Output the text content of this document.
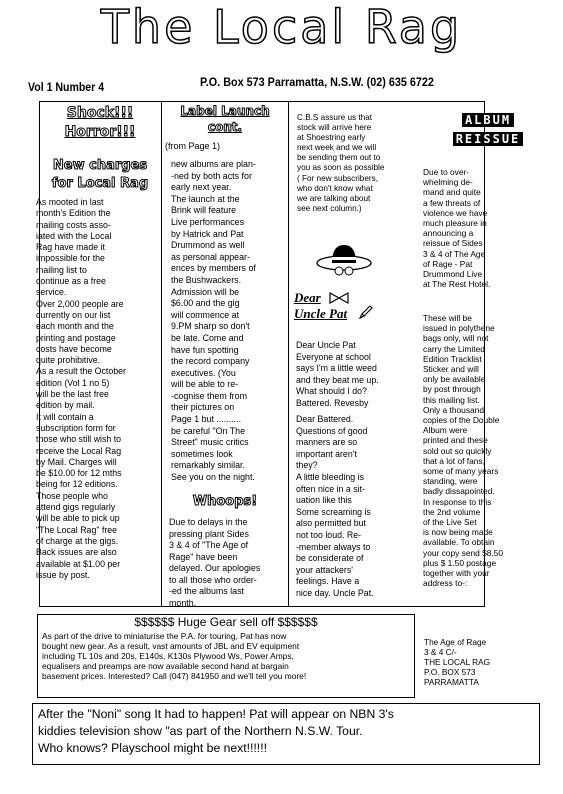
The Local Rag
Vol 1 Number 4	P.O. Box 573 Parramatta, N.S.W. (02) 635 6722
Shock!!!
Horror!!!
New charges
for Local Rag
As mooted in last
month's Edition the
mailing costs asso-
iated with the Local
Rag have made it
impossible for the
mailing list to
continue as a free
service.
Over 2,000 people are
currently on our list
each month and the
printing and postage
costs have become
quite prohibitive.
As a result the October
edition (Vol 1 no 5)
will be the last free
edition by mail.
It will contain a
subscription form for
those who still wish to
receive the Local Rag
by Mail. Charges will
be $10.00 for 12 mths
being for 12 editions.
Those people who
attend gigs regularly
will be able to pick up
"The Local Rag" free
of charge at the gigs.
Back issues are also
available at $1.00 per
issue by post.
Label Launch
cont.
(from Page 1)
new albums are plan-
-ned by both acts for
early next year.
The launch at the
Brink will feature
Live performances
by Hatrick and Pat
Drummond as well
as personal appear-
ences by members of
the Bushwackers.
Admission will be
$6.00 and the gig
will commence at
9.PM sharp so don't
be late. Come and
have fun spotting
the record company
executives. (You
will be able to re-
-cognise them from
their pictures on
Page 1 but ..........
be careful "On The
Street" music critics
sometimes look
remarkably similar.
See you on the night.
Whoops!
Due to delays in the
pressing plant Sides
3 & 4 of "The Age of
Rage" have been
delayed. Our apologies
to all those who order-
-ed the albums last
month.
C.B.S assure us that
stock will arrive here
at Shoestring early
next week and we will
be sending them out to
you as soon as possible
( For new subscribers,
who don't know what
we are talking about
see next column.)
Dear
Uncle Pat
Dear Uncle Pat
Everyone at school
says I'm a little weed
and they beat me up.
What should I do?
Battered. Revesby
Dear Battered.
Questions of good
manners are so
important aren't
they?
A little bleeding is
often nice in a sit-
uation like this
Some screaming is
also permitted but
not too loud. Re-
-member always to
be considerate of
your attackers'
feelings. Have a
nice day. Uncle Pat.
ALBUM
REISSUE
Due to over-
whelming de-
mand and quite
a few threats of
violence we have
much pleasure in
announcing a
reissue of Sides
3 & 4 of The Age
of Rage - Pat
Drummond Live
at The Rest Hotel.
These will be
issued in polythene
bags only, will not
carry the Limited
Edition Tracklist
Sticker and will
only be available
by post through
this mailing list.
Only a thousand
copies of the Double
Album were
printed and these
sold out so quickly
that a lot of fans,
some of many years
standing, were
badly dissapointed.
In response to this
the 2nd volume
of the Live Set
is now being made
available. To obtain
your copy send $8.50
plus $ 1.50 postage
together with your
address to-:
$$$$$$ Huge Gear sell off $$$$$$
As part of the drive to miniaturise the P.A. for touring, Pat has now
bought new gear. As a result, vast amounts of JBL and EV equipment
including TL 10s and 20s, E140s, K130s Plywood Ws, Power Amps,
equalisers and preamps are now available second hand at bargain
basement prices. Interested? Call (047) 841950 and we'll tell you more!
The Age of Rage
3 & 4 C/-
THE LOCAL RAG
P.O. BOX 573
PARRAMATTA
After the "Noni" song It had to happen! Pat will appear on NBN 3's
kiddies television show "as part of the Northern N.S.W. Tour.
Who knows? Playschool might be next!!!!!!
